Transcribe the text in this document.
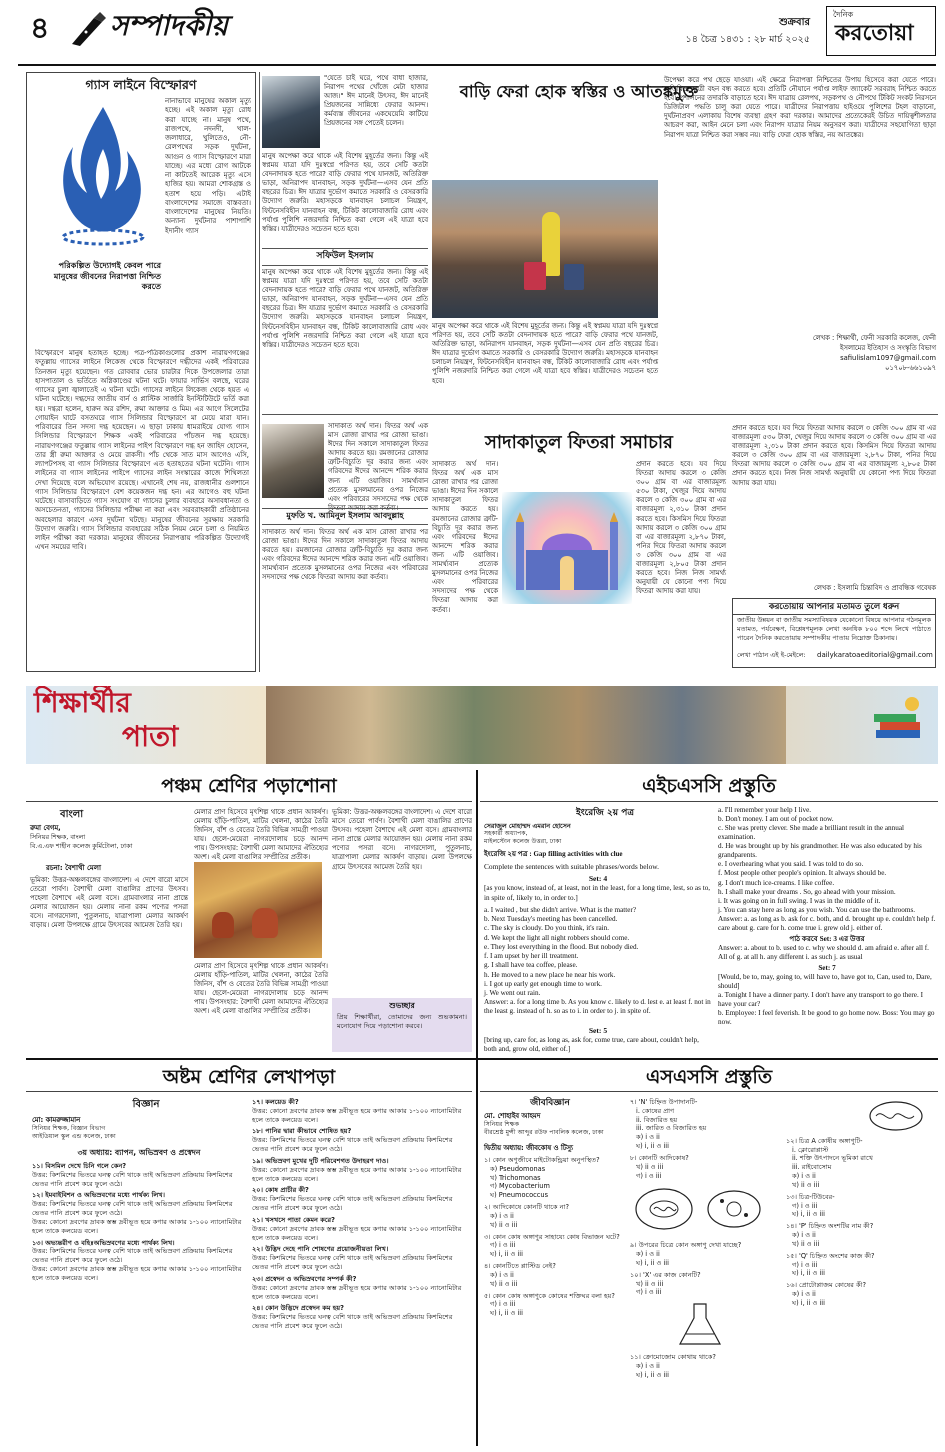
৪ সম্পাদকীয়	শুক্রবার
১৪ চৈত্র ১৪৩১ : ২৮ মার্চ ২০২৫
দৈনিক
করতোয়া
গ্যাস লাইনে বিস্ফোরণ
পরিকল্পিত উদ্যোগই কেবল পারে মানুষের জীবনের নিরাপত্তা নিশ্চিত করতে
নানাভাবে মানুষের অকাল মৃত্যু হচ্ছে। এই অকাল মৃত্যু রোধ করা যাচ্ছে না। মানুষ পথে, রাজপথে, নদনদী, খাল-জলাধারে, খুলিতেও, নৌ-রেলপথের সড়ক দুর্ঘটনা, আগুন ও গ্যাস বিস্ফোরণে মারা যাচ্ছে। এর মধ্যে রোগ আটকে না কাটতেই আরেক মৃত্যু এসে হাজির হয়। আমরা শোকগ্রস্ত ও হতাশ হয়ে পড়ি। এটাই বাংলাদেশের সমাজে বাস্তবতা। বাংলাদেশের মানুষের নিয়তি। অন্যান্য দুর্ঘটনার পাশাপাশি ইদানীং গ্যাস
বিস্ফোরণে মানুষ হতাহত হচ্ছে। পত্র-পত্রিকাগুলোর প্রকাশ নারায়ণগঞ্জের ফতুল্লায় গ্যাসের লাইনে লিকেজ থেকে বিস্ফোরণে দগ্ধীদের একই পরিবারের তিনজন মৃত্যু হয়েছেন। গত রোববার ভোর চারটার দিকে উপজেলার তারা হাসপাতাল ও ভর্তিতে অগ্নিকাণ্ডের ঘটনা ঘটে। ফায়ার সার্ভিস বলছে, ঘরের গ্যাসের চুলা জ্বালাতেই এ ঘটনা ঘটে। গ্যাসের লাইনে লিকেজ থেকে হয়ত এ ঘটনা ঘটেছে। দগ্ধদের জাতীয় বার্ন ও প্লাস্টিক সার্জারি ইনস্টিটিউটে ভর্তি করা হয়। দগ্ধরা হলেন, হারুন অর রশিদ, রুমা আক্তার ও মিম। এর আগে সিলেটের গোয়াইন ঘাটে বসতঘরে গ্যাস সিলিন্ডার বিস্ফোরণে মা মেয়ে মারা যান। পরিবারের তিন সদস্য দগ্ধ হয়েছেন। এ ছাড়া ঢাকায় ধামরাইয়ে যোগ্য গ্যাস সিলিন্ডার বিস্ফোরণে শিক্ষক একই পরিবারের পাঁচজন দগ্ধ হয়েছে। নারায়ণগঞ্জের ফতুল্লায় গ্যাস লাইনের পাইপ বিস্ফোরণে দগ্ধ হন জাহিদ হোসেন, তার স্ত্রী রুমা আক্তার ও মেয়ে রাকসী। পাঁচ থেকে সাত মাস আগেও এসি, ল্যাপটপসহ বা গ্যাস সিলিন্ডার বিস্ফোরণে এত হতাহতের ঘটনা ঘটেনি। গ্যাস লাইনের বা গ্যাস লাইনের পাইপে গ্যাসের লাইন সংস্কারের কাজে শিথিলতা দেখা দিয়েছে বলে অভিযোগ রয়েছে। এখানেই শেষ নয়, রাজধানীর গুলশানে গ্যাস সিলিন্ডার বিস্ফোরণে বেশ কয়েকজন দগ্ধ হন। এর আগেও বহু ঘটনা ঘটেছে। বাসাবাড়িতে গ্যাস সংযোগ বা গ্যাসের চুলার ব্যবহারে অসাবধানতা ও অসচেতনতা, গ্যাসের সিলিন্ডার পরীক্ষা না করা এবং সরবরাহকারী প্রতিষ্ঠানের অবহেলার কারণে এসব দুর্ঘটনা ঘটছে। মানুষের জীবনের সুরক্ষায় সরকারি উদ্যোগ জরুরি। গ্যাস সিলিন্ডার ব্যবহারের সঠিক নিয়ম মেনে চলা ও নিয়মিত লাইন পরীক্ষা করা দরকার। মানুষের জীবনের নিরাপত্তায় পরিকল্পিত উদ্যোগই এখন সময়ের দাবি।
"যেতে চাই ঘরে, পথে বাধা হাজার, নিরাপদ পথের খোঁজে মেটা হাজার আজ।" ঈদ মানেই উৎসব, ঈদ মানেই প্রিয়জনের সান্নিধ্যে ফেরার আনন্দ। কর্মব্যস্ত জীবনের একঘেয়েমি কাটিয়ে প্রিয়জনের সঙ্গ পেতেই চলেন।
বাড়ি ফেরা হোক স্বস্তির ও আতঙ্কমুক্ত
মানুষ অপেক্ষা করে থাকে এই বিশেষ মুহূর্তের জন্য। কিন্তু এই স্বপ্নময় যাত্রা যদি দুঃস্বপ্নে পরিণত হয়, তবে সেটি কতটা বেদনাদায়ক হতে পারে? বাড়ি ফেরার পথে যানজট, অতিরিক্ত ভাড়া, অনিরাপদ যানবাহন, সড়ক দুর্ঘটনা—এসব যেন প্রতি বছরের চিত্র। ঈদ যাত্রার দুর্ভোগ কমাতে সরকারি ও বেসরকারি উদ্যোগ জরুরি। মহাসড়কে যানবাহন চলাচল নিয়ন্ত্রণ, ফিটনেসবিহীন যানবাহন বন্ধ, টিকিট কালোবাজারি রোধ এবং পর্যাপ্ত পুলিশি নজরদারি নিশ্চিত করা গেলে এই যাত্রা হবে স্বস্তির। যাত্রীদেরও সচেতন হতে হবে।
সফিউল ইসলাম
মানুষ অপেক্ষা করে থাকে এই বিশেষ মুহূর্তের জন্য। কিন্তু এই স্বপ্নময় যাত্রা যদি দুঃস্বপ্নে পরিণত হয়, তবে সেটি কতটা বেদনাদায়ক হতে পারে? বাড়ি ফেরার পথে যানজট, অতিরিক্ত ভাড়া, অনিরাপদ যানবাহন, সড়ক দুর্ঘটনা—এসব যেন প্রতি বছরের চিত্র। ঈদ যাত্রার দুর্ভোগ কমাতে সরকারি ও বেসরকারি উদ্যোগ জরুরি। মহাসড়কে যানবাহন চলাচল নিয়ন্ত্রণ, ফিটনেসবিহীন যানবাহন বন্ধ, টিকিট কালোবাজারি রোধ এবং পর্যাপ্ত পুলিশি নজরদারি নিশ্চিত করা গেলে এই যাত্রা হবে স্বস্তির। যাত্রীদেরও সচেতন হতে হবে।
মানুষ অপেক্ষা করে থাকে এই বিশেষ মুহূর্তের জন্য। কিন্তু এই স্বপ্নময় যাত্রা যদি দুঃস্বপ্নে পরিণত হয়, তবে সেটি কতটা বেদনাদায়ক হতে পারে? বাড়ি ফেরার পথে যানজট, অতিরিক্ত ভাড়া, অনিরাপদ যানবাহন, সড়ক দুর্ঘটনা—এসব যেন প্রতি বছরের চিত্র। ঈদ যাত্রার দুর্ভোগ কমাতে সরকারি ও বেসরকারি উদ্যোগ জরুরি। মহাসড়কে যানবাহন চলাচল নিয়ন্ত্রণ, ফিটনেসবিহীন যানবাহন বন্ধ, টিকিট কালোবাজারি রোধ এবং পর্যাপ্ত পুলিশি নজরদারি নিশ্চিত করা গেলে এই যাত্রা হবে স্বস্তির। যাত্রীদেরও সচেতন হতে হবে।
উপেক্ষা করে পথ ছেড়ে যাওয়া। এই ক্ষেত্রে নিরাপত্তা নিশ্চিতের উপায় হিসেবে করা যেতে পারে। অতিরিক্ত যাত্রী বহন বন্ধ করতে হবে। প্রতিটি নৌযানে পর্যাপ্ত লাইফ জ্যাকেট সরবরাহ নিশ্চিত করতে হবে। প্রশাসনের তদারকি বাড়াতে হবে। ঈদ যাত্রায় রেলপথ, সড়কপথ ও নৌপথে টিকিট সংকট নিরসনে ডিজিটাল পদ্ধতি চালু করা যেতে পারে। যাত্রীদের নিরাপত্তায় হাইওয়ে পুলিশের টহল বাড়ানো, দুর্ঘটনাপ্রবণ এলাকায় বিশেষ ব্যবস্থা গ্রহণ করা দরকার। আমাদের প্রত্যেকেরই উচিত দায়িত্বশীলতার আচরণ করা, আইন মেনে চলা এবং নিরাপদ যাত্রার নিয়ম অনুসরণ করা। যাত্রীদের সহযোগিতা ছাড়া নিরাপদ যাত্রা নিশ্চিত করা সম্ভব নয়। বাড়ি ফেরা হোক স্বস্তির, নয় আতঙ্কের।
লেখক : শিক্ষার্থী, ফেনী সরকারি কলেজ, ফেনী
ইসলামের ইতিহাস ও সংস্কৃতি বিভাগ
safiulislam1097@gmail.com
০১৭০৮-৬৬১০৯৭
সাদাকাত অর্থ দান। ফিতর অর্থ এক মাস রোজা রাখার পর রোজা ভাঙা। ঈদের দিন সকালে সাদাকাতুল ফিতর আদায় করতে হয়। রমজানের রোজার ত্রুটি-বিচ্যুতি দূর করার জন্য এবং গরিবদের ঈদের আনন্দে শরিক করার জন্য এটি ওয়াজিব। সামর্থ্যবান প্রত্যেক মুসলমানের ওপর নিজের এবং পরিবারের সদস্যদের পক্ষ থেকে ফিতরা আদায় করা কর্তব্য।
মুফতি খ. আমিনুল ইসলাম আবদুল্লাহ
সাদাকাত অর্থ দান। ফিতর অর্থ এক মাস রোজা রাখার পর রোজা ভাঙা। ঈদের দিন সকালে সাদাকাতুল ফিতর আদায় করতে হয়। রমজানের রোজার ত্রুটি-বিচ্যুতি দূর করার জন্য এবং গরিবদের ঈদের আনন্দে শরিক করার জন্য এটি ওয়াজিব। সামর্থ্যবান প্রত্যেক মুসলমানের ওপর নিজের এবং পরিবারের সদস্যদের পক্ষ থেকে ফিতরা আদায় করা কর্তব্য।
সাদাকাতুল ফিতরা সমাচার
সাদাকাত অর্থ দান। ফিতর অর্থ এক মাস রোজা রাখার পর রোজা ভাঙা। ঈদের দিন সকালে সাদাকাতুল ফিতর আদায় করতে হয়। রমজানের রোজার ত্রুটি-বিচ্যুতি দূর করার জন্য এবং গরিবদের ঈদের আনন্দে শরিক করার জন্য এটি ওয়াজিব। সামর্থ্যবান প্রত্যেক মুসলমানের ওপর নিজের এবং পরিবারের সদস্যদের পক্ষ থেকে ফিতরা আদায় করা কর্তব্য।
প্রদান করতে হবে। যব দিয়ে ফিতরা আদায় করলে ৩ কেজি ৩০০ গ্রাম বা এর বাজারমূল্য ৫৩০ টাকা, খেজুর দিয়ে আদায় করলে ৩ কেজি ৩০০ গ্রাম বা এর বাজারমূল্য ২,৩১০ টাকা প্রদান করতে হবে। কিসমিস দিয়ে ফিতরা আদায় করলে ৩ কেজি ৩০০ গ্রাম বা এর বাজারমূল্য ২,৮৭০ টাকা, পনির দিয়ে ফিতরা আদায় করলে ৩ কেজি ৩০০ গ্রাম বা এর বাজারমূল্য ২,৮০৫ টাকা প্রদান করতে হবে। নিজ নিজ সামর্থ্য অনুযায়ী যে কোনো পণ্য দিয়ে ফিতরা আদায় করা যায়।
প্রদান করতে হবে। যব দিয়ে ফিতরা আদায় করলে ৩ কেজি ৩০০ গ্রাম বা এর বাজারমূল্য ৫৩০ টাকা, খেজুর দিয়ে আদায় করলে ৩ কেজি ৩০০ গ্রাম বা এর বাজারমূল্য ২,৩১০ টাকা প্রদান করতে হবে। কিসমিস দিয়ে ফিতরা আদায় করলে ৩ কেজি ৩০০ গ্রাম বা এর বাজারমূল্য ২,৮৭০ টাকা, পনির দিয়ে ফিতরা আদায় করলে ৩ কেজি ৩০০ গ্রাম বা এর বাজারমূল্য ২,৮০৫ টাকা প্রদান করতে হবে। নিজ নিজ সামর্থ্য অনুযায়ী যে কোনো পণ্য দিয়ে ফিতরা আদায় করা যায়।
লেখক : ইসলামি চিন্তাবিদ ও প্রাবন্ধিক গবেষক
করতোয়ায় আপনার মতামত তুলে ধরুন
জাতীয় উন্নয়ন বা জাতীয় সমস্যাবিষয়ক যেকোনো বিষয়ে আপনার গঠনমূলক মতামত, পর্যবেক্ষণ, বিশ্লেষণমূলক লেখা অনধিক ৮০০ শব্দে লিখে পাঠাতে পারেন দৈনিক করতোয়ায় সম্পাদকীয় পাতায় নিম্নোক্ত ঠিকানায়।
লেখা পাঠান এই ই-মেইলে: dailykaratoaeditorial@gmail.com
শিক্ষার্থীর
পাতা
পঞ্চম শ্রেণির পড়াশোনা
বাংলা
রুমা বেগম,
সিনিয়র শিক্ষক, বাংলা
বি.এ.এফ শাহীন কলেজ কুর্মিটোলা, ঢাকা
রচনা: বৈশাখী মেলা
ভূমিকা: উত্তর-অঞ্চলবঙ্গের বাংলাদেশ। এ দেশে বারো মাসে তেরো পার্বণ। বৈশাখী মেলা বাঙালির প্রাণের উৎসব। পহেলা বৈশাখে এই মেলা বসে। গ্রামবাংলার নানা প্রান্তে মেলার আয়োজন হয়। মেলায় নানা রকম পণ্যের পসরা বসে। নাগরদোলা, পুতুলনাচ, যাত্রাপালা মেলার আকর্ষণ বাড়ায়। মেলা উপলক্ষে গ্রামে উৎসবের আমেজ তৈরি হয়।
মেলার প্রাণ হিসেবে মৃৎশিল্প থাকে প্রধান আকর্ষণ। মেলায় হাঁড়ি-পাতিল, মাটির খেলনা, কাঠের তৈরি জিনিস, বাঁশ ও বেতের তৈরি বিভিন্ন সামগ্রী পাওয়া যায়। ছেলে-মেয়েরা নাগরদোলায় চড়ে আনন্দ পায়। উপসংহার: বৈশাখী মেলা আমাদের ঐতিহ্যের অংশ। এই মেলা বাঙালির সম্প্রীতির প্রতীক।
মেলার প্রাণ হিসেবে মৃৎশিল্প থাকে প্রধান আকর্ষণ। মেলায় হাঁড়ি-পাতিল, মাটির খেলনা, কাঠের তৈরি জিনিস, বাঁশ ও বেতের তৈরি বিভিন্ন সামগ্রী পাওয়া যায়। ছেলে-মেয়েরা নাগরদোলায় চড়ে আনন্দ পায়। উপসংহার: বৈশাখী মেলা আমাদের ঐতিহ্যের অংশ। এই মেলা বাঙালির সম্প্রীতির প্রতীক।
ভূমিকা: উত্তর-অঞ্চলবঙ্গের বাংলাদেশ। এ দেশে বারো মাসে তেরো পার্বণ। বৈশাখী মেলা বাঙালির প্রাণের উৎসব। পহেলা বৈশাখে এই মেলা বসে। গ্রামবাংলার নানা প্রান্তে মেলার আয়োজন হয়। মেলায় নানা রকম পণ্যের পসরা বসে। নাগরদোলা, পুতুলনাচ, যাত্রাপালা মেলার আকর্ষণ বাড়ায়। মেলা উপলক্ষে গ্রামে উৎসবের আমেজ তৈরি হয়।
শুভচ্ছার
প্রিয় শিক্ষার্থীরা, তোমাদের জন্য শুভকামনা। মনোযোগ দিয়ে পড়াশোনা করবে।
এইচএসসি প্রস্তুতি
ইংরেজি ২য় পত্র
সেরাজুল মোহাম্মদ এমরান হোসেন
সহকারী অধ্যাপক,
মাইলস্টোন কলেজ উত্তরা, ঢাকা
ইংরেজি ২য় পত্র : Gap filling activities with clue
Complete the sentences with suitable phrases/words below.
Set: 4
[as you know, instead of, at least, not in the least, for a long time, lest, so as to, in spite of, likely to, in order to.]
a. I waited , but she didn't arrive. What is the matter?
b. Next Tuesday's meeting has been cancelled.
c. The sky is cloudy. Do you think, it's rain.
d. We kept the light all night robbers should come.
e. They lost everything in the flood. But nobody died.
f. I am upset by her ill treatment.
g. I shall have tea coffee, please.
h. He moved to a new place he near his work.
i. I got up early get enough time to work.
j. We went out rain.
Answer: a. for a long time b. As you know c. likely to d. lest e. at least f. not in the least g. instead of h. so as to i. in order to j. in spite of.
Set: 5
[bring up, care for, as long as, ask for, come true, care about, couldn't help, both and, grow old, either of.]
a. I'll remember your help I live.
b. Don't money. I am out of pocket now.
c. She was pretty clever. She made a brilliant result in the annual examination.
d. He was brought up by his grandmother. He was also educated by his grandparents.
e. I overhearing what you said. I was told to do so.
f. Most people other people's opinion. It always should be.
g. I don't much ice-creams. I like coffee.
h. I shall make your dreams . So, go ahead with your mission.
i. It was going on in full swing. I was in the middle of it.
j. You can stay here as long as you wish. You can use the bathrooms.
Answer: a. as long as b. ask for c. both, and d. brought up e. couldn't help f. care about g. care for h. come true i. grew old j. either of.
পাঠ করবে Set: 3 এর উত্তর
Answer: a. about to b. used to c. why we should d. am afraid e. after all f. All of g. at all h. any different i. as such j. as usual
Set: 7
[Would, be to, may, going to, will have to, have got to, Can, used to, Dare, should]
a. Tonight I have a dinner party. I don't have any transport to go there. I have your car?
b. Employee: I feel feverish. It be good to go home now. Boss: You may go now.
অষ্টম শ্রেণির লেখাপড়া
বিজ্ঞান
মো: কামরুজ্জামান
সিনিয়র শিক্ষক, বিজ্ঞান বিভাগ
আইডিয়াল স্কুল এন্ড কলেজ, ঢাকা
৩য় অধ্যায়: ব্যাপন, অভিস্রবণ ও প্রস্বেদন
১১। বিসমিল দেখে চিনি গলে কেন?
উত্তর: কিশমিশের ভিতরে ঘনত্ব বেশি থাকে তাই অভিস্রবণ প্রক্রিয়ায় কিশমিশের ভেতর পানি প্রবেশ করে ফুলে ওঠে।
১২। ইমবাইবিশন ও অভিস্রবণের মধ্যে পার্থক্য লিখ।
উত্তর: কিশমিশের ভিতরে ঘনত্ব বেশি থাকে তাই অভিস্রবণ প্রক্রিয়ায় কিশমিশের ভেতর পানি প্রবেশ করে ফুলে ওঠে।
উত্তর: কোনো দ্রবণের দ্রাবক স্তম্ভ দ্রবীভূত হয়ে কণার আকার ১-১০০ ন্যানোমিটার হলে তাকে কলয়েড বলে।
১৩। অভ্যন্তরীণ ও বহিঃঅভিস্রবণের মধ্যে পার্থক্য লিখ।
উত্তর: কিশমিশের ভিতরে ঘনত্ব বেশি থাকে তাই অভিস্রবণ প্রক্রিয়ায় কিশমিশের ভেতর পানি প্রবেশ করে ফুলে ওঠে।
উত্তর: কোনো দ্রবণের দ্রাবক স্তম্ভ দ্রবীভূত হয়ে কণার আকার ১-১০০ ন্যানোমিটার হলে তাকে কলয়েড বলে।
১৭। কলয়েড কী?
উত্তর: কোনো দ্রবণের দ্রাবক স্তম্ভ দ্রবীভূত হয়ে কণার আকার ১-১০০ ন্যানোমিটার হলে তাকে কলয়েড বলে।
১৮। পানির দ্বারা কীভাবে শোষিত হয়?
উত্তর: কিশমিশের ভিতরে ঘনত্ব বেশি থাকে তাই অভিস্রবণ প্রক্রিয়ায় কিশমিশের ভেতর পানি প্রবেশ করে ফুলে ওঠে।
১৯। অভিস্রবণ মুখের দুটি পরিবেশগত উদাহরণ দাও।
উত্তর: কোনো দ্রবণের দ্রাবক স্তম্ভ দ্রবীভূত হয়ে কণার আকার ১-১০০ ন্যানোমিটার হলে তাকে কলয়েড বলে।
২০। কোষ প্রাচীর কী?
উত্তর: কিশমিশের ভিতরে ঘনত্ব বেশি থাকে তাই অভিস্রবণ প্রক্রিয়ায় কিশমিশের ভেতর পানি প্রবেশ করে ফুলে ওঠে।
২১। খসখসে পাতা কেমন করে?
উত্তর: কোনো দ্রবণের দ্রাবক স্তম্ভ দ্রবীভূত হয়ে কণার আকার ১-১০০ ন্যানোমিটার হলে তাকে কলয়েড বলে।
২২। উদ্ভিদ দেহে পানি শোষণের প্রয়োজনীয়তা লিখ।
উত্তর: কিশমিশের ভিতরে ঘনত্ব বেশি থাকে তাই অভিস্রবণ প্রক্রিয়ায় কিশমিশের ভেতর পানি প্রবেশ করে ফুলে ওঠে।
২৩। প্রস্বেদন ও অভিস্রবণের সম্পর্ক কী?
উত্তর: কোনো দ্রবণের দ্রাবক স্তম্ভ দ্রবীভূত হয়ে কণার আকার ১-১০০ ন্যানোমিটার হলে তাকে কলয়েড বলে।
২৪। কোন উদ্ভিদে প্রস্বেদন কম হয়?
উত্তর: কিশমিশের ভিতরে ঘনত্ব বেশি থাকে তাই অভিস্রবণ প্রক্রিয়ায় কিশমিশের ভেতর পানি প্রবেশ করে ফুলে ওঠে।
এসএসসি প্রস্তুতি
জীববিজ্ঞান
মো. শোহাইব আহমদ
সিনিয়র শিক্ষক
বীরশ্রেষ্ঠ মুন্সী আব্দুর রউফ পাবলিক কলেজ, ঢাকা
দ্বিতীয় অধ্যায়: জীবকোষ ও টিস্যু
১। কোন অণুজীবে মাইটোকন্ড্রিয়া অনুপস্থিত?
ক) Pseudomonas
খ) Trichomonas
গ) Mycobacterium
ঘ) Pneumococcus
২। আদিকোষে কোনটি থাকে না?
ক) i ও ii
খ) ii ও iii
৩। কোন কোষ অঙ্গাণুর সাহায্যে কোষ বিভাজন ঘটে?
গ) i ও iii
ঘ) i, ii ও iii
৪। কোনটিতে প্লাস্টিড নেই?
ক) i ও ii
খ) ii ও iii
৫। কোন কোষ অঙ্গাণুকে কোষের শক্তিঘর বলা হয়?
গ) i ও iii
ঘ) i, ii ও iii
৭। 'N' চিহ্নিত উপাদানটি-
i. কোষের প্রাণ
ii. বিজারিত হয়
iii. জারিত ও বিজারিত হয়
ক) i ও ii
ঘ) i, ii ও iii
৮। কোনটি আদিকোষ?
খ) ii ও iii
গ) i ও iii
৯। উপরের চিত্রে কোন অঙ্গাণু দেখা যাচ্ছে?
ক) i ও ii
ঘ) i, ii ও iii
১০। 'X' এর কাজ কোনটি?
খ) ii ও iii
গ) i ও iii
১১। ক্রোমোজোম কোথায় থাকে?
ক) i ও ii
ঘ) i, ii ও iii
১২। চিত্র A কোষীয় অঙ্গাণুটি-
i. ক্লোরোপ্লাস্ট
ii. শক্তি উৎপাদনে ভূমিকা রাখে
iii. রাইবোসোম
ক) i ও ii
খ) ii ও iii
১৩। চিত্র-টিউবের-
গ) i ও iii
ঘ) i, ii ও iii
১৪। 'P' চিহ্নিত অংশটির নাম কী?
ক) i ও ii
খ) ii ও iii
১৫। 'Q' চিহ্নিত অংশের কাজ কী?
গ) i ও iii
ঘ) i, ii ও iii
১৬। প্রোটোপ্লাজম কোষের কী?
ক) i ও ii
ঘ) i, ii ও iii
